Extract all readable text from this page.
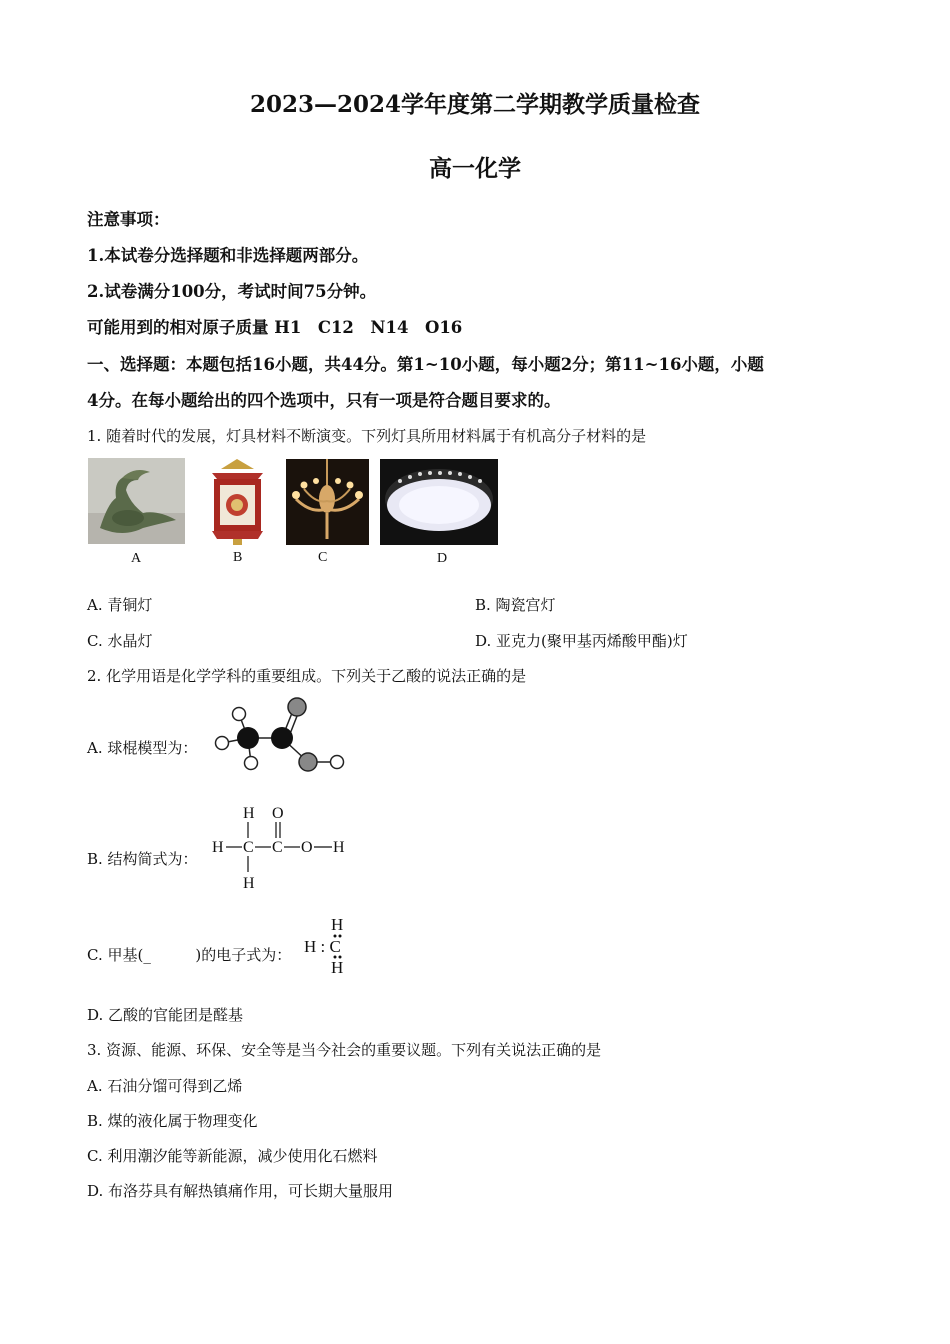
2023—2024学年度第二学期教学质量检查
高一化学
注意事项：
1.本试卷分选择题和非选择题两部分。
2.试卷满分100分，考试时间75分钟。
可能用到的相对原子质量 H1　C12　N14　O16
一、选择题：本题包括16小题，共44分。第1~10小题，每小题2分；第11~16小题，小题
4分。在每小题给出的四个选项中，只有一项是符合题目要求的。
1. 随着时代的发展，灯具材料不断演变。下列灯具所用材料属于有机高分子材料的是
A	B	C	D
A. 青铜灯	B. 陶瓷宫灯
C. 水晶灯	D. 亚克力(聚甲基丙烯酸甲酯)灯
2. 化学用语是化学学科的重要组成。下列关于乙酸的说法正确的是
A. 球棍模型为：
B. 结构简式为：
H O
H C C O H
H
C. 甲基(_	)的电子式为：
H
H : C
H
D. 乙酸的官能团是醛基
3. 资源、能源、环保、安全等是当今社会的重要议题。下列有关说法正确的是
A. 石油分馏可得到乙烯
B. 煤的液化属于物理变化
C. 利用潮汐能等新能源，减少使用化石燃料
D. 布洛芬具有解热镇痛作用，可长期大量服用
